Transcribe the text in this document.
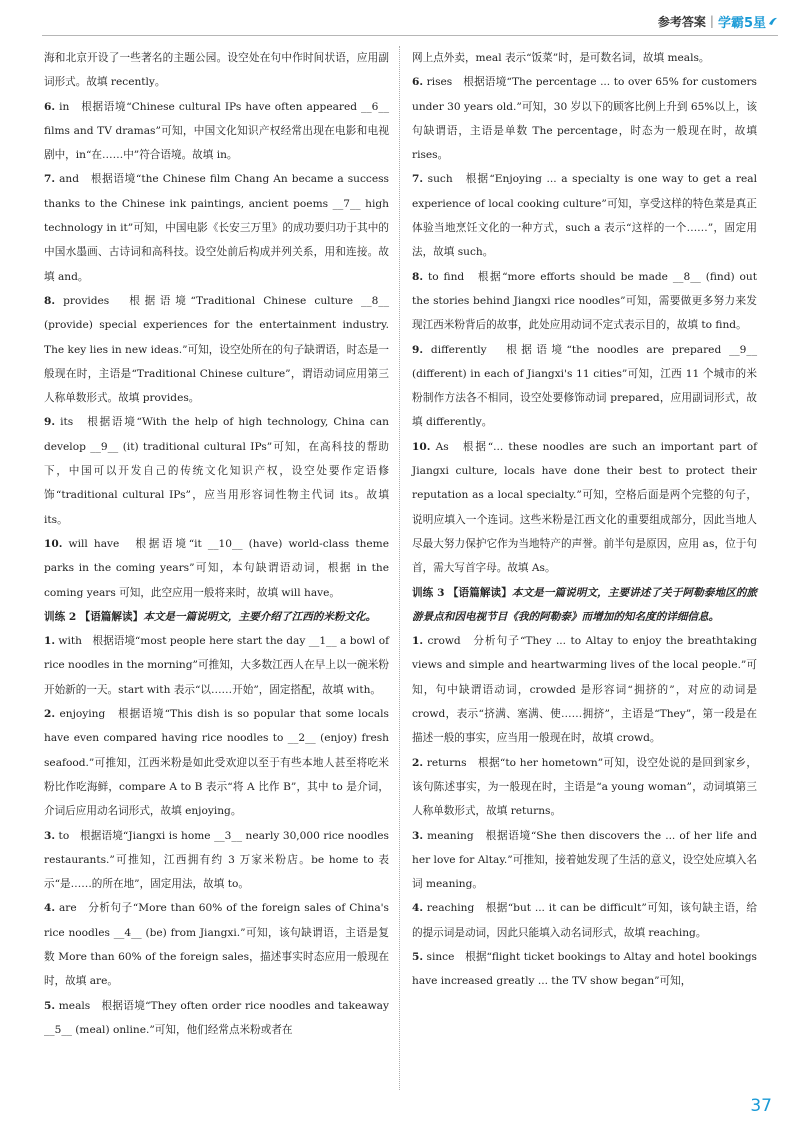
参考答案 | 学霸5星
海和北京开设了一些著名的主题公园。设空处在句中作时间状语，应用副词形式。故填 recently。
6. in　根据语境“Chinese cultural IPs have often appeared __6__ films and TV dramas”可知，中国文化知识产权经常出现在电影和电视剧中，in“在……中”符合语境。故填 in。
7. and　根据语境“the Chinese film Chang An became a success thanks to the Chinese ink paintings, ancient poems __7__ high technology in it”可知，中国电影《长安三万里》的成功要归功于其中的中国水墨画、古诗词和高科技。设空处前后构成并列关系，用和连接。故填 and。
8. provides　根据语境“Traditional Chinese culture __8__ (provide) special experiences for the entertainment industry. The key lies in new ideas.”可知，设空处所在的句子缺谓语，时态是一般现在时，主语是“Traditional Chinese culture”，谓语动词应用第三人称单数形式。故填 provides。
9. its　根据语境“With the help of high technology, China can develop __9__ (it) traditional cultural IPs”可知，在高科技的帮助下，中国可以开发自己的传统文化知识产权，设空处要作定语修饰“traditional cultural IPs”，应当用形容词性物主代词 its。故填 its。
10. will have　根据语境“it __10__ (have) world-class theme parks in the coming years”可知，本句缺谓语动词，根据 in the coming years 可知，此空应用一般将来时，故填 will have。
训练 2 【语篇解读】本文是一篇说明文，主要介绍了江西的米粉文化。
1. with　根据语境“most people here start the day __1__ a bowl of rice noodles in the morning”可推知，大多数江西人在早上以一碗米粉开始新的一天。start with 表示“以……开始”，固定搭配，故填 with。
2. enjoying　根据语境“This dish is so popular that some locals have even compared having rice noodles to __2__ (enjoy) fresh seafood.”可推知，江西米粉是如此受欢迎以至于有些本地人甚至将吃米粉比作吃海鲜，compare A to B 表示“将 A 比作 B”，其中 to 是介词，介词后应用动名词形式，故填 enjoying。
3. to　根据语境“Jiangxi is home __3__ nearly 30,000 rice noodles restaurants.”可推知，江西拥有约 3 万家米粉店。be home to 表示“是……的所在地”，固定用法，故填 to。
4. are　分析句子“More than 60% of the foreign sales of China's rice noodles __4__ (be) from Jiangxi.”可知，该句缺谓语，主语是复数 More than 60% of the foreign sales，描述事实时态应用一般现在时，故填 are。
5. meals　根据语境“They often order rice noodles and takeaway __5__ (meal) online.”可知，他们经常点米粉或者在
网上点外卖，meal 表示“饭菜”时，是可数名词，故填 meals。
6. rises　根据语境“The percentage ... to over 65% for customers under 30 years old.”可知，30 岁以下的顾客比例上升到 65%以上，该句缺谓语，主语是单数 The percentage，时态为一般现在时，故填 rises。
7. such　根据“Enjoying ... a specialty is one way to get a real experience of local cooking culture”可知，享受这样的特色菜是真正体验当地烹饪文化的一种方式，such a 表示“这样的一个……”，固定用法，故填 such。
8. to find　根据“more efforts should be made __8__ (find) out the stories behind Jiangxi rice noodles”可知，需要做更多努力来发现江西米粉背后的故事，此处应用动词不定式表示目的，故填 to find。
9. differently　根据语境“the noodles are prepared __9__ (different) in each of Jiangxi's 11 cities”可知，江西 11 个城市的米粉制作方法各不相同，设空处要修饰动词 prepared，应用副词形式，故填 differently。
10. As　根据“... these noodles are such an important part of Jiangxi culture, locals have done their best to protect their reputation as a local specialty.”可知，空格后面是两个完整的句子，说明应填入一个连词。这些米粉是江西文化的重要组成部分，因此当地人尽最大努力保护它作为当地特产的声誉。前半句是原因，应用 as，位于句首，需大写首字母。故填 As。
训练 3 【语篇解读】本文是一篇说明文，主要讲述了关于阿勒泰地区的旅游景点和因电视节目《我的阿勒泰》而增加的知名度的详细信息。
1. crowd　分析句子“They ... to Altay to enjoy the breathtaking views and simple and heartwarming lives of the local people.”可知，句中缺谓语动词，crowded 是形容词“拥挤的”，对应的动词是 crowd，表示“挤满、塞满、使……拥挤”，主语是“They”，第一段是在描述一般的事实，应当用一般现在时，故填 crowd。
2. returns　根据“to her hometown”可知，设空处说的是回到家乡，该句陈述事实，为一般现在时，主语是“a young woman”，动词填第三人称单数形式，故填 returns。
3. meaning　根据语境“She then discovers the ... of her life and her love for Altay.”可推知，接着她发现了生活的意义，设空处应填入名词 meaning。
4. reaching　根据“but ... it can be difficult”可知，该句缺主语，给的提示词是动词，因此只能填入动名词形式，故填 reaching。
5. since　根据“flight ticket bookings to Altay and hotel bookings have increased greatly ... the TV show began”可知，
37
